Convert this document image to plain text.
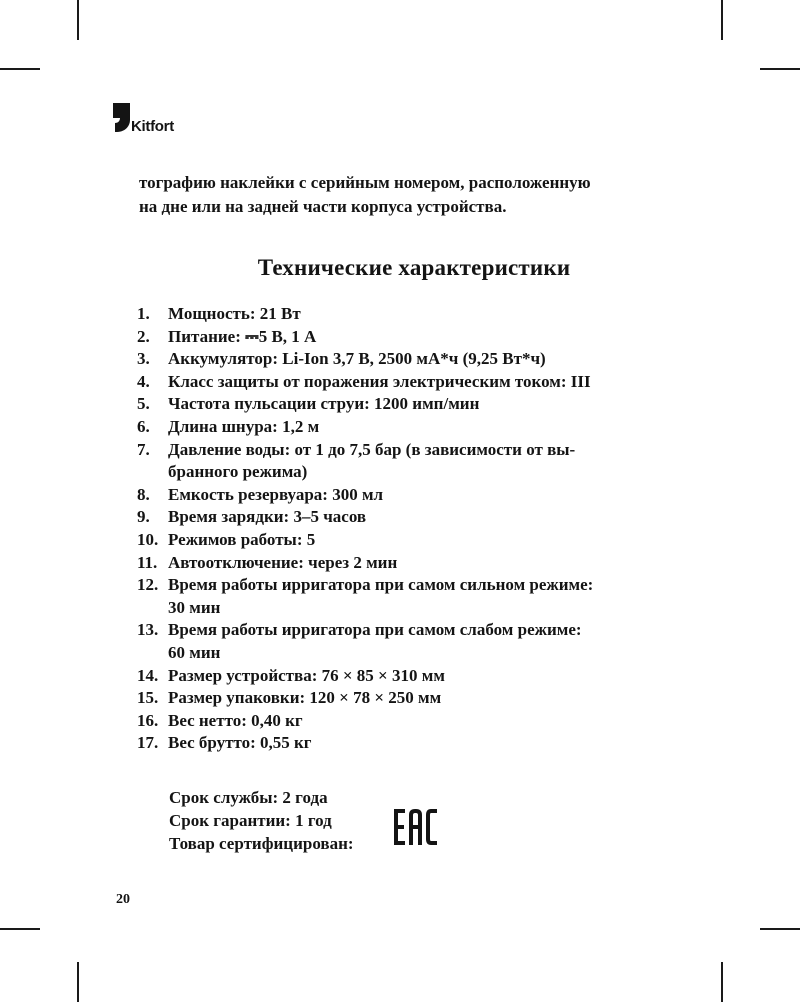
Kitfort

тографию наклейки с серийным номером, расположенную

на дне или на задней части корпуса устройства.

Технические характеристики
1.	Мощность: 21 Вт
2.	Питание: ⎓5 В, 1 А
3.	Аккумулятор: Li-Ion 3,7 В, 2500 мА*ч (9,25 Вт*ч)
4.	Класс защиты от поражения электрическим током: III
5.	Частота пульсации струи: 1200 имп/мин
6.	Длина шнура: 1,2 м
7.	Давление воды: от 1 до 7,5 бар (в зависимости от вы-
бранного режима)
8.	Емкость резервуара: 300 мл
9.	Время зарядки: 3–5 часов
10. Режимов работы: 5
11. Автоотключение: через 2 мин
12. Время работы ирригатора при самом сильном режиме:
30 мин
13. Время работы ирригатора при самом слабом режиме:
60 мин
14. Размер устройства: 76 × 85 × 310 мм
15. Размер упаковки: 120 × 78 × 250 мм
16. Вес нетто: 0,40 кг
17. Вес брутто: 0,55 кг

Срок службы: 2 года

Срок гарантии: 1 год

Товар сертифицирован:

20
